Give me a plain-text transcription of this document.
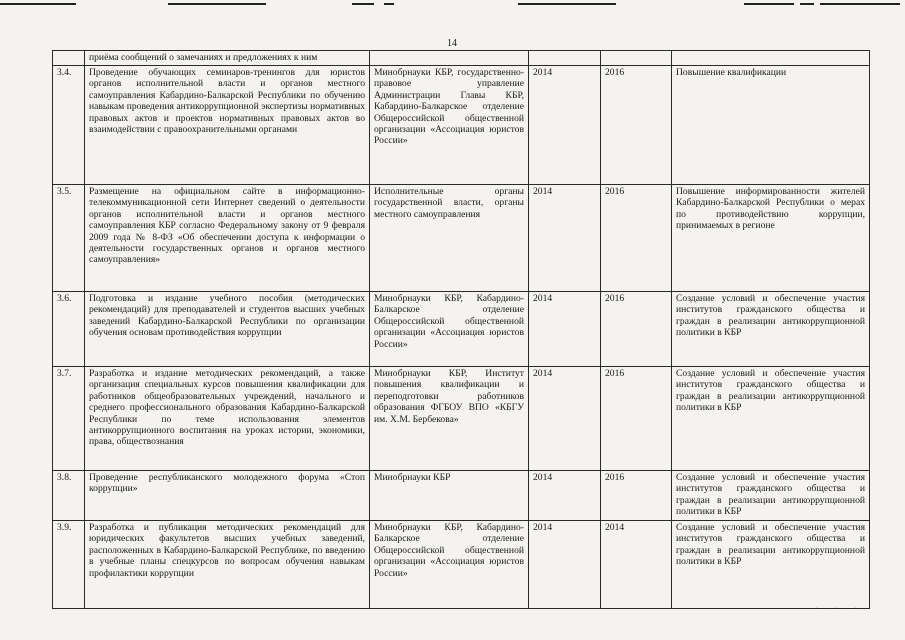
14
	приёма сообщений о замечаниях и предложениях к ним				
3.4.	Проведение обучающих семинаров-тренингов для юристов органов исполнительной власти и органов местного самоуправления Кабардино-Балкарской Республики по обучению навыкам проведения антикоррупционной экспертизы нормативных правовых актов и проектов нормативных правовых актов во взаимодействии с правоохранительными органами	Минобрнауки КБР, государственно-правовое управление Администрации Главы КБР, Кабардино-Балкарское отделение Общероссийской общественной организации «Ассоциация юристов России»	2014	2016	Повышение квалификации
3.5.	Размещение на официальном сайте в информационно-телекоммуникационной сети Интернет сведений о деятельности органов исполнительной власти и органов местного самоуправления КБР согласно Федеральному закону от 9 февраля 2009 года № 8-ФЗ «Об обеспечении доступа к информации о деятельности государственных органов и органов местного самоуправления»	Исполнительные органы государственной власти, органы местного самоуправления	2014	2016	Повышение информированности жителей Кабардино-Балкарской Республики о мерах по противодействию коррупции, принимаемых в регионе
3.6.	Подготовка и издание учебного пособия (методических рекомендаций) для преподавателей и студентов высших учебных заведений Кабардино-Балкарской Республики по организации обучения основам противодействия коррупции	Минобрнауки КБР, Кабардино-Балкарское отделение Общероссийской общественной организации «Ассоциация юристов России»	2014	2016	Создание условий и обеспечение участия институтов гражданского общества и граждан в реализации антикоррупционной политики в КБР
3.7.	Разработка и издание методических рекомендаций, а также организация специальных курсов повышения квалификации для работников общеобразовательных учреждений, начального и среднего профессионального образования Кабардино-Балкарской Республики по теме использования элементов антикоррупционного воспитания на уроках истории, экономики, права, обществознания	Минобрнауки КБР, Институт повышения квалификации и переподготовки работников образования ФГБОУ ВПО «КБГУ им. Х.М. Бербекова»	2014	2016	Создание условий и обеспечение участия институтов гражданского общества и граждан в реализации антикоррупционной политики в КБР
3.8.	Проведение республиканского молодежного форума «Стоп коррупции»	Минобрнауки КБР	2014	2016	Создание условий и обеспечение участия институтов гражданского общества и граждан в реализации антикоррупционной политики в КБР
3.9.	Разработка и публикация методических рекомендаций для юридических факультетов высших учебных заведений, расположенных в Кабардино-Балкарской Республике, по введению в учебные планы спецкурсов по вопросам обучения навыкам профилактики коррупции	Минобрнауки КБР, Кабардино-Балкарское отделение Общероссийской общественной организации «Ассоциация юристов России»	2014	2014	Создание условий и обеспечение участия институтов гражданского общества и граждан в реализации антикоррупционной политики в КБР
···
